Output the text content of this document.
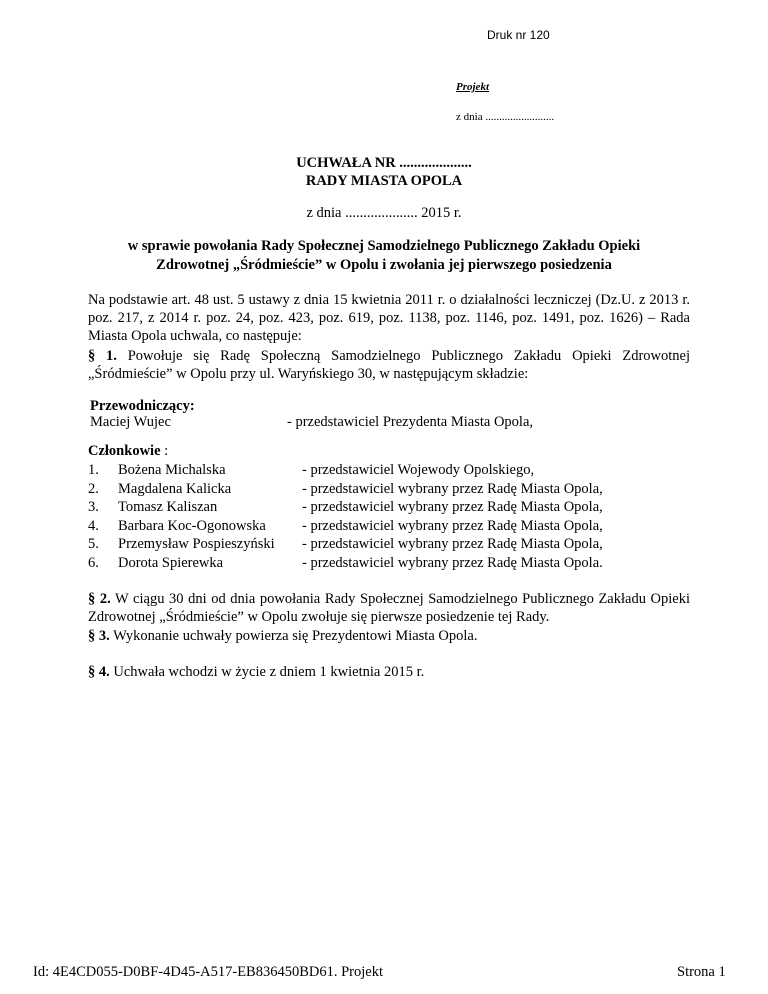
Druk nr 120
Projekt
z dnia .........................
UCHWAŁA NR ....................
RADY MIASTA OPOLA
z dnia .................... 2015 r.
w sprawie powołania Rady Społecznej Samodzielnego Publicznego Zakładu Opieki
Zdrowotnej „Śródmieście” w Opolu i zwołania jej pierwszego posiedzenia
Na podstawie art. 48 ust. 5 ustawy z dnia 15 kwietnia 2011 r. o działalności leczniczej (Dz.U. z 2013 r. poz. 217, z 2014 r. poz. 24, poz. 423, poz. 619, poz. 1138, poz. 1146, poz. 1491, poz. 1626) – Rada Miasta Opola uchwala, co następuje:
§ 1. Powołuje się Radę Społeczną Samodzielnego Publicznego Zakładu Opieki Zdrowotnej „Śródmieście” w Opolu przy ul. Waryńskiego 30, w następującym składzie:
Przewodniczący:
Maciej Wujec	- przedstawiciel Prezydenta Miasta Opola,
Członkowie :
1. Bożena Michalska	- przedstawiciel Wojewody Opolskiego,
2. Magdalena Kalicka	- przedstawiciel wybrany przez Radę Miasta Opola,
3. Tomasz Kaliszan	- przedstawiciel wybrany przez Radę Miasta Opola,
4. Barbara Koc-Ogonowska - przedstawiciel wybrany przez Radę Miasta Opola,
5. Przemysław Pospieszyński - przedstawiciel wybrany przez Radę Miasta Opola,
6. Dorota Spierewka	- przedstawiciel wybrany przez Radę Miasta Opola.
§ 2. W ciągu 30 dni od dnia powołania Rady Społecznej Samodzielnego Publicznego Zakładu Opieki Zdrowotnej „Śródmieście” w Opolu zwołuje się pierwsze posiedzenie tej Rady.
§ 3. Wykonanie uchwały powierza się Prezydentowi Miasta Opola.
§ 4. Uchwała wchodzi w życie z dniem 1 kwietnia 2015 r.
Id: 4E4CD055-D0BF-4D45-A517-EB836450BD61. Projekt	Strona 1
